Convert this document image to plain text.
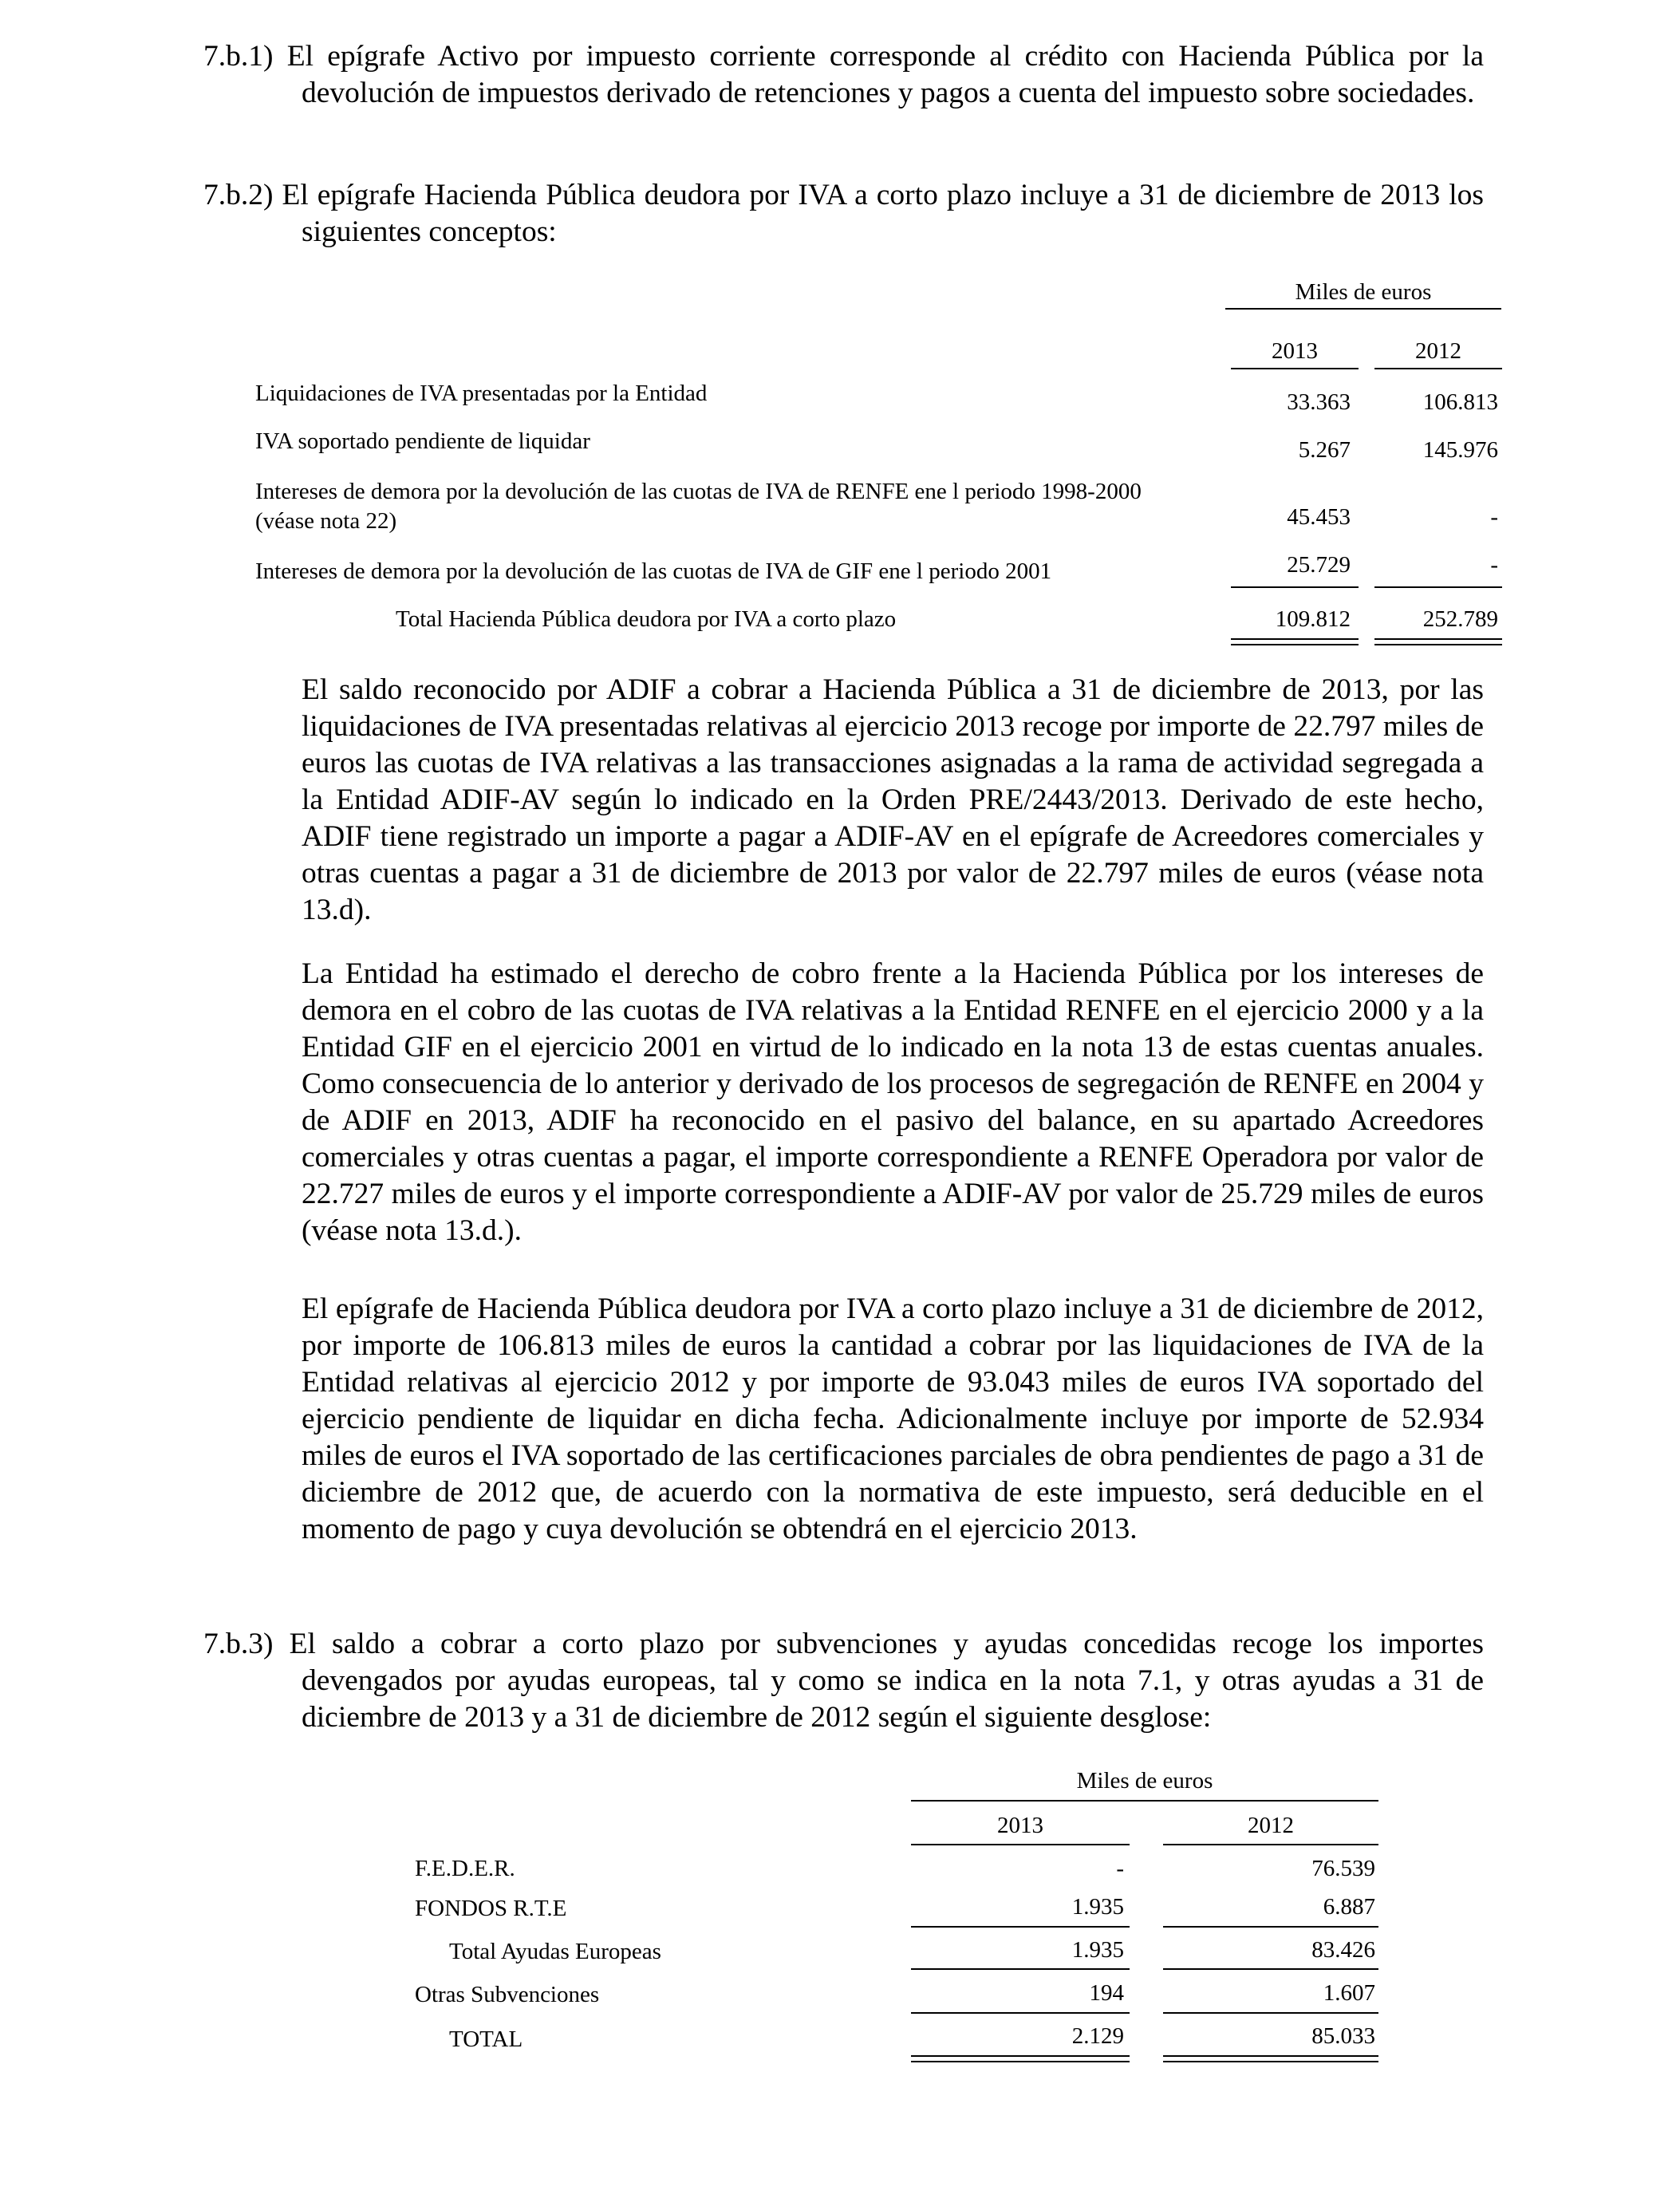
7.b.1) El epígrafe Activo por impuesto corriente corresponde al crédito con Hacienda Pública por la devolución de impuestos derivado de retenciones y pagos a cuenta del impuesto sobre sociedades.
7.b.2) El epígrafe Hacienda Pública deudora por IVA a corto plazo incluye a 31 de diciembre de 2013 los siguientes conceptos:
Miles de euros
2013	2012
Liquidaciones de IVA presentadas por la Entidad	33.363	106.813
IVA soportado pendiente de liquidar	5.267	145.976
Intereses de demora por la devolución de las cuotas de IVA de RENFE ene l periodo 1998-2000 (véase nota 22)	45.453	-
Intereses de demora por la devolución de las cuotas de IVA de GIF ene l periodo 2001	25.729	-
Total Hacienda Pública deudora por IVA a corto plazo	109.812	252.789
El saldo reconocido por ADIF a cobrar a Hacienda Pública a 31 de diciembre de 2013, por las liquidaciones de IVA presentadas relativas al ejercicio 2013 recoge por importe de 22.797 miles de euros las cuotas de IVA relativas a las transacciones asignadas a la rama de actividad segregada a la Entidad ADIF-AV según lo indicado en la Orden PRE/2443/2013. Derivado de este hecho, ADIF tiene registrado un importe a pagar a ADIF-AV en el epígrafe de Acreedores comerciales y otras cuentas a pagar a 31 de diciembre de 2013 por valor de 22.797 miles de euros (véase nota 13.d).
La Entidad ha estimado el derecho de cobro frente a la Hacienda Pública por los intereses de demora en el cobro de las cuotas de IVA relativas a la Entidad RENFE en el ejercicio 2000 y a la Entidad GIF en el ejercicio 2001 en virtud de lo indicado en la nota 13 de estas cuentas anuales. Como consecuencia de lo anterior y derivado de los procesos de segregación de RENFE en 2004 y de ADIF en 2013, ADIF ha reconocido en el pasivo del balance, en su apartado Acreedores comerciales y otras cuentas a pagar, el importe correspondiente a RENFE Operadora por valor de 22.727 miles de euros y el importe correspondiente a ADIF-AV por valor de 25.729 miles de euros (véase nota 13.d.).
El epígrafe de Hacienda Pública deudora por IVA a corto plazo incluye a 31 de diciembre de 2012, por importe de 106.813 miles de euros la cantidad a cobrar por las liquidaciones de IVA de la Entidad relativas al ejercicio 2012 y por importe de 93.043 miles de euros IVA soportado del ejercicio pendiente de liquidar en dicha fecha. Adicionalmente incluye por importe de 52.934 miles de euros el IVA soportado de las certificaciones parciales de obra pendientes de pago a 31 de diciembre de 2012 que, de acuerdo con la normativa de este impuesto, será deducible en el momento de pago y cuya devolución se obtendrá en el ejercicio 2013.
7.b.3) El saldo a cobrar a corto plazo por subvenciones y ayudas concedidas recoge los importes devengados por ayudas europeas, tal y como se indica en la nota 7.1, y otras ayudas a 31 de diciembre de 2013 y a 31 de diciembre de 2012 según el siguiente desglose:
Miles de euros
2013	2012
F.E.D.E.R.	-	76.539
FONDOS R.T.E	1.935	6.887
Total Ayudas Europeas	1.935	83.426
Otras Subvenciones	194	1.607
TOTAL	2.129	85.033
